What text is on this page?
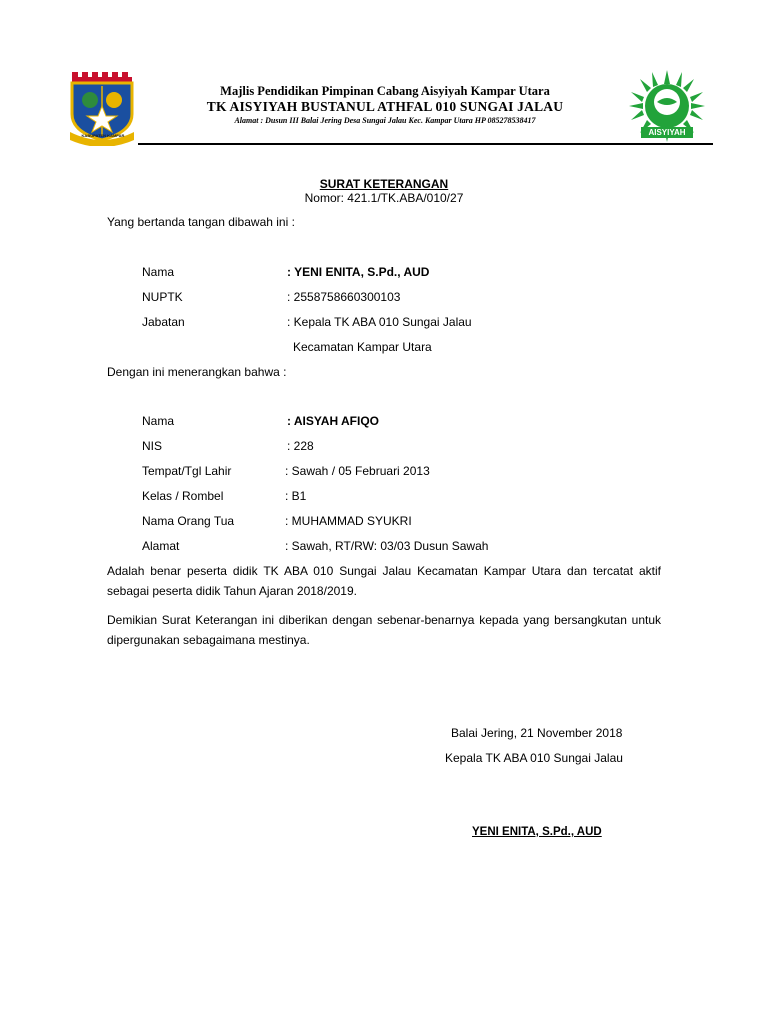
KABUPATEN KAMPAR
Majlis Pendidikan Pimpinan Cabang Aisyiyah Kampar Utara
TK AISYIYAH BUSTANUL ATHFAL 010 SUNGAI JALAU
Alamat : Dusun III Balai Jering Desa Sungai Jalau Kec. Kampar Utara HP 085278538417
AISYIYAH
SURAT KETERANGAN
Nomor: 421.1/TK.ABA/010/27
Yang bertanda tangan dibawah ini :
Nama	: YENI ENITA, S.Pd., AUD
NUPTK	: 2558758660300103
Jabatan	: Kepala TK ABA 010 Sungai Jalau
Kecamatan Kampar Utara
Dengan ini menerangkan bahwa :
Nama	: AISYAH AFIQO
NIS	: 228
Tempat/Tgl Lahir	: Sawah / 05 Februari 2013
Kelas / Rombel	: B1
Nama Orang Tua	: MUHAMMAD SYUKRI
Alamat	: Sawah, RT/RW: 03/03 Dusun Sawah
Adalah benar peserta didik TK ABA 010 Sungai Jalau Kecamatan Kampar Utara dan tercatat aktif sebagai peserta didik Tahun Ajaran 2018/2019.
Demikian Surat Keterangan ini diberikan dengan sebenar-benarnya kepada yang bersangkutan untuk dipergunakan sebagaimana mestinya.
Balai Jering, 21 November 2018
Kepala TK ABA 010 Sungai Jalau
YENI ENITA, S.Pd., AUD
